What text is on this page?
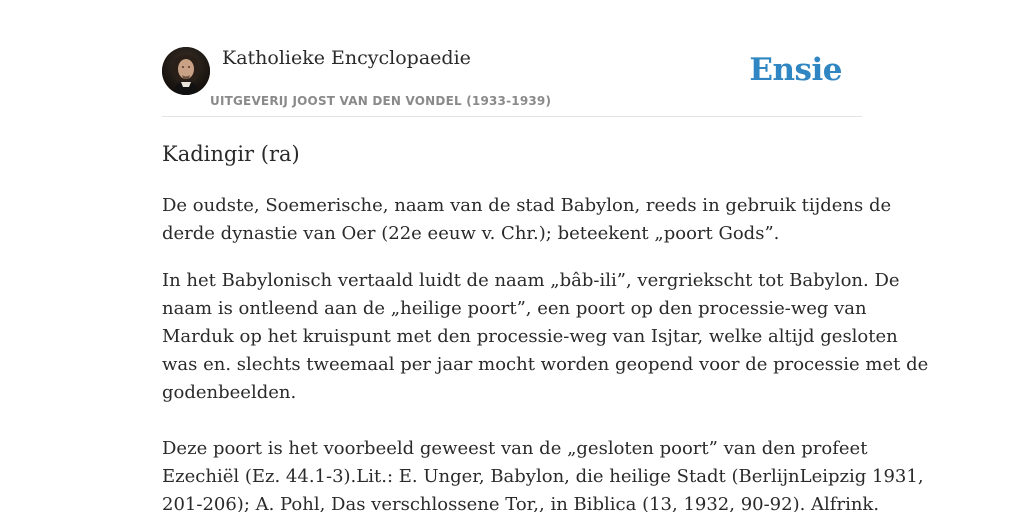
Katholieke Encyclopaedie
UITGEVERIJ JOOST VAN DEN VONDEL (1933-1939)
Ensie
Kadingir (ra)

De oudste, Soemerische, naam van de stad Babylon, reeds in gebruik tijdens de

derde dynastie van Oer (22e eeuw v. Chr.); beteekent „poort Gods”.

In het Babylonisch vertaald luidt de naam „bâb-ili”, vergriekscht tot Babylon. De

naam is ontleend aan de „heilige poort”, een poort op den processie-weg van

Marduk op het kruispunt met den processie-weg van Isjtar, welke altijd gesloten

was en. slechts tweemaal per jaar mocht worden geopend voor de processie met de

godenbeelden.

Deze poort is het voorbeeld geweest van de „gesloten poort” van den profeet

Ezechiël (Ez. 44.1-3).Lit.: E. Unger, Babylon, die heilige Stadt (BerlijnLeipzig 1931,

201-206); A. Pohl, Das verschlossene Tor,, in Biblica (13, 1932, 90-92). Alfrink.
